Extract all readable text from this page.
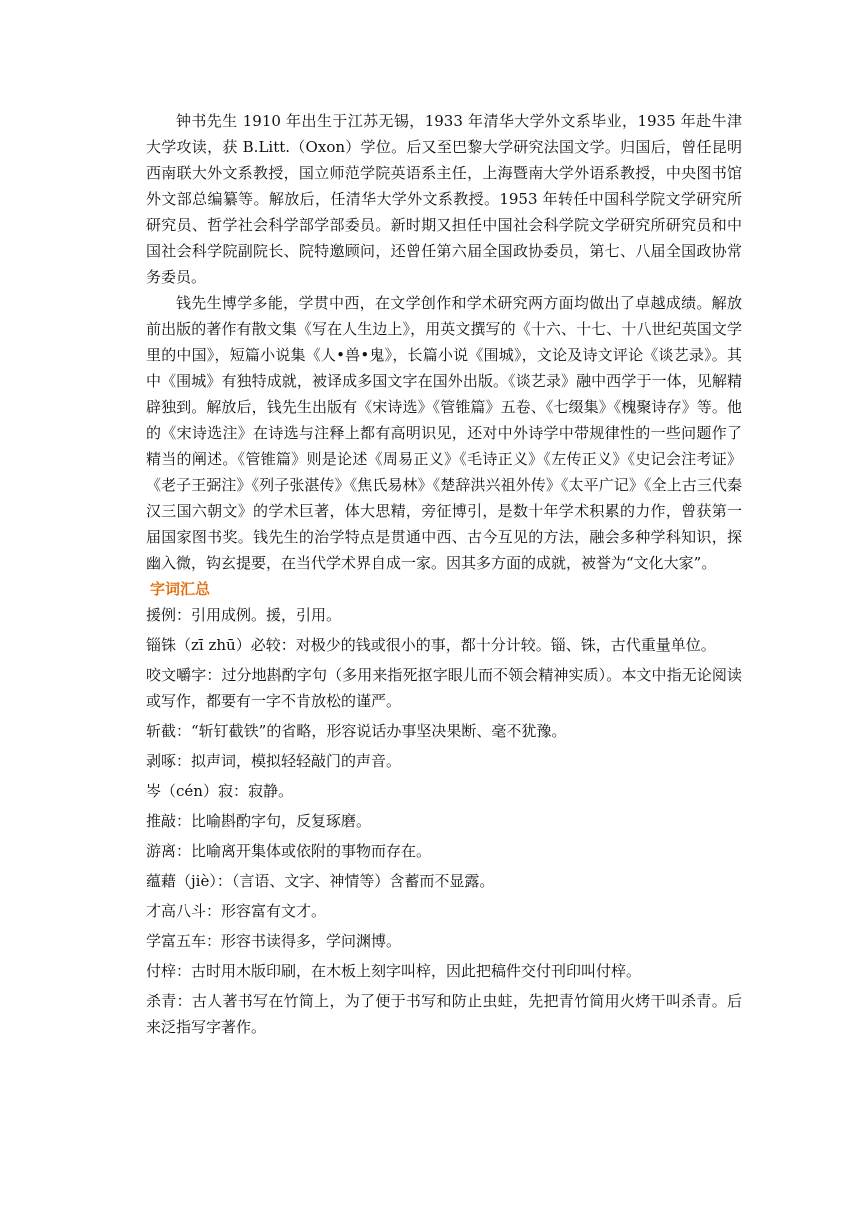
钟书先生 1910 年出生于江苏无锡，1933 年清华大学外文系毕业，1935 年赴牛津大学攻读，获 B.Litt.（Oxon）学位。后又至巴黎大学研究法国文学。归国后，曾任昆明西南联大外文系教授，国立师范学院英语系主任，上海暨南大学外语系教授，中央图书馆外文部总编纂等。解放后，任清华大学外文系教授。1953 年转任中国科学院文学研究所研究员、哲学社会科学部学部委员。新时期又担任中国社会科学院文学研究所研究员和中国社会科学院副院长、院特邀顾问，还曾任第六届全国政协委员，第七、八届全国政协常务委员。

钱先生博学多能，学贯中西，在文学创作和学术研究两方面均做出了卓越成绩。解放前出版的著作有散文集《写在人生边上》，用英文撰写的《十六、十七、十八世纪英国文学里的中国》，短篇小说集《人•兽•鬼》，长篇小说《围城》，文论及诗文评论《谈艺录》。其中《围城》有独特成就，被译成多国文字在国外出版。《谈艺录》融中西学于一体，见解精辟独到。解放后，钱先生出版有《宋诗选》《管锥篇》五卷、《七缀集》《槐聚诗存》等。他的《宋诗选注》在诗选与注释上都有高明识见，还对中外诗学中带规律性的一些问题作了精当的阐述。《管锥篇》则是论述《周易正义》《毛诗正义》《左传正义》《史记会注考证》《老子王弼注》《列子张湛传》《焦氏易林》《楚辞洪兴祖外传》《太平广记》《全上古三代秦汉三国六朝文》的学术巨著，体大思精，旁征博引，是数十年学术积累的力作，曾获第一届国家图书奖。钱先生的治学特点是贯通中西、古今互见的方法，融会多种学科知识，探幽入微，钩玄提要，在当代学术界自成一家。因其多方面的成就，被誉为“文化大家”。

字词汇总

援例：引用成例。援，引用。

锱铢（zī zhū）必较：对极少的钱或很小的事，都十分计较。锱、铢，古代重量单位。

咬文嚼字：过分地斟酌字句（多用来指死抠字眼儿而不领会精神实质）。本文中指无论阅读或写作，都要有一字不肯放松的谨严。

斩截：“斩钉截铁”的省略，形容说话办事坚决果断、毫不犹豫。

剥啄：拟声词，模拟轻轻敲门的声音。

岑（cén）寂：寂静。

推敲：比喻斟酌字句，反复琢磨。

游离：比喻离开集体或依附的事物而存在。

蕴藉（jiè）：（言语、文字、神情等）含蓄而不显露。

才高八斗：形容富有文才。

学富五车：形容书读得多，学问渊博。

付梓：古时用木版印刷，在木板上刻字叫梓，因此把稿件交付刊印叫付梓。

杀青：古人著书写在竹简上，为了便于书写和防止虫蛀，先把青竹简用火烤干叫杀青。后来泛指写字著作。
